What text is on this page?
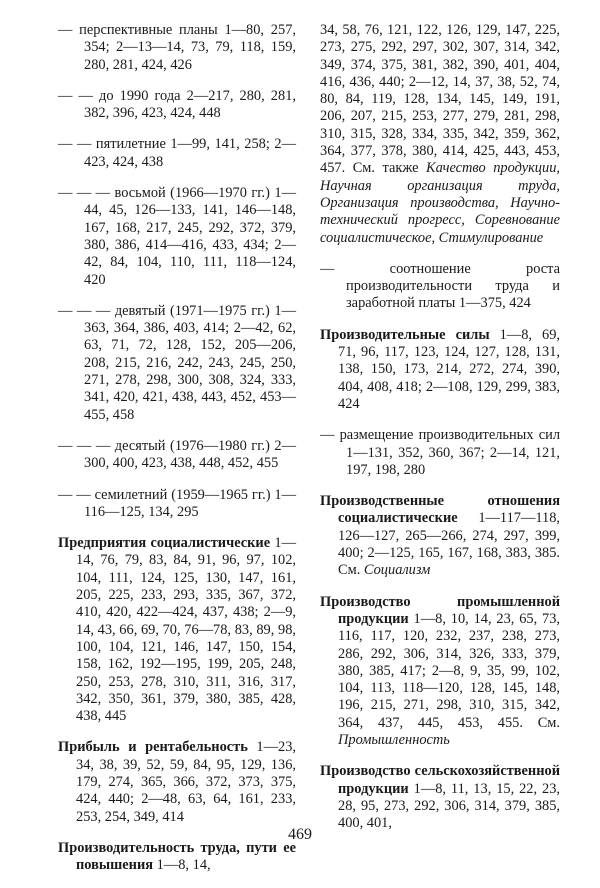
— перспективные планы 1—80, 257, 354; 2—13—14, 73, 79, 118, 159, 280, 281, 424, 426

— — до 1990 года 2—217, 280, 281, 382, 396, 423, 424, 448

— — пятилетние 1—99, 141, 258; 2—423, 424, 438

— — — восьмой (1966—1970 гг.) 1—44, 45, 126—133, 141, 146—148, 167, 168, 217, 245, 292, 372, 379, 380, 386, 414—416, 433, 434; 2—42, 84, 104, 110, 111, 118—124, 420

— — — девятый (1971—1975 гг.) 1—363, 364, 386, 403, 414; 2—42, 62, 63, 71, 72, 128, 152, 205—206, 208, 215, 216, 242, 243, 245, 250, 271, 278, 298, 300, 308, 324, 333, 341, 420, 421, 438, 443, 452, 453—455, 458

— — — десятый (1976—1980 гг.) 2—300, 400, 423, 438, 448, 452, 455

— — семилетний (1959—1965 гг.) 1—116—125, 134, 295

Предприятия социалистические 1—14, 76, 79, 83, 84, 91, 96, 97, 102, 104, 111, 124, 125, 130, 147, 161, 205, 225, 233, 293, 335, 367, 372, 410, 420, 422—424, 437, 438; 2—9, 14, 43, 66, 69, 70, 76—78, 83, 89, 98, 100, 104, 121, 146, 147, 150, 154, 158, 162, 192—195, 199, 205, 248, 250, 253, 278, 310, 311, 316, 317, 342, 350, 361, 379, 380, 385, 428, 438, 445

Прибыль и рентабельность 1—23, 34, 38, 39, 52, 59, 84, 95, 129, 136, 179, 274, 365, 366, 372, 373, 375, 424, 440; 2—48, 63, 64, 161, 233, 253, 254, 349, 414

Производительность труда, пути ее повышения 1—8, 14,

34, 58, 76, 121, 122, 126, 129, 147, 225, 273, 275, 292, 297, 302, 307, 314, 342, 349, 374, 375, 381, 382, 390, 401, 404, 416, 436, 440; 2—12, 14, 37, 38, 52, 74, 80, 84, 119, 128, 134, 145, 149, 191, 206, 207, 215, 253, 277, 279, 281, 298, 310, 315, 328, 334, 335, 342, 359, 362, 364, 377, 378, 380, 414, 425, 443, 453, 457. См. также Качество продукции, Научная организация труда, Организация производства, Научно-технический прогресс, Соревнование социалистическое, Стимулирование

— соотношение роста производительности труда и заработной платы 1—375, 424

Производительные силы 1—8, 69, 71, 96, 117, 123, 124, 127, 128, 131, 138, 150, 173, 214, 272, 274, 390, 404, 408, 418; 2—108, 129, 299, 383, 424

— размещение производительных сил 1—131, 352, 360, 367; 2—14, 121, 197, 198, 280

Производственные отношения социалистические 1—117—118, 126—127, 265—266, 274, 297, 399, 400; 2—125, 165, 167, 168, 383, 385. См. Социализм

Производство промышленной продукции 1—8, 10, 14, 23, 65, 73, 116, 117, 120, 232, 237, 238, 273, 286, 292, 306, 314, 326, 333, 379, 380, 385, 417; 2—8, 9, 35, 99, 102, 104, 113, 118—120, 128, 145, 148, 196, 215, 271, 298, 310, 315, 342, 364, 437, 445, 453, 455. См. Промышленность

Производство сельскохозяйственной продукции 1—8, 11, 13, 15, 22, 23, 28, 95, 273, 292, 306, 314, 379, 385, 400, 401,

469
